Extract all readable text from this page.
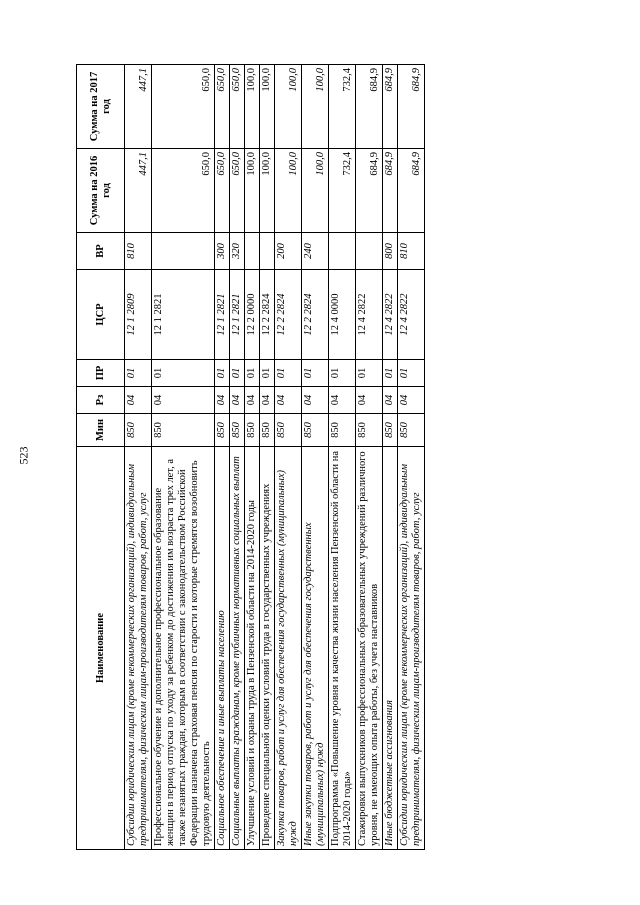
523
Наименование	Мин	Рз	ПР	ЦСР	ВР	Сумма на 2016 год	Сумма на 2017 год
Субсидии юридическим лицам (кроме некоммерческих организаций), индивидуальным предпринимателям, физическим лицам-производителям товаров, работ, услуг	850	04	01	12 1 2809	810	447,1	447,1
Профессиональное обучение и дополнительное профессиональное образование женщин в период отпуска по уходу за ребенком до достижения им возраста трех лет, а также незанятых граждан, которым в соответствии с законодательством Российской Федерации назначена страховая пенсия по старости и которые стремятся возобновить трудовую деятельность	850	04	01	12 1 2821		650,0	650,0
Социальное обеспечение и иные выплаты населению	850	04	01	12 1 2821	300	650,0	650,0
Социальные выплаты гражданам, кроме публичных нормативных социальных выплат	850	04	01	12 1 2821	320	650,0	650,0
Улучшение условий и охраны труда в Пензенской области на 2014-2020 годы	850	04	01	12 2 0000		100,0	100,0
Проведение специальной оценки условий труда в государственных учреждениях	850	04	01	12 2 2824		100,0	100,0
Закупка товаров, работ и услуг для обеспечения государственных (муниципальных) нужд	850	04	01	12 2 2824	200	100,0	100,0
Иные закупки товаров, работ и услуг для обеспечения государственных (муниципальных) нужд	850	04	01	12 2 2824	240	100,0	100,0
Подпрограмма «Повышение уровня и качества жизни населения Пензенской области на 2014-2020 годы»	850	04	01	12 4 0000		732,4	732,4
Стажировки выпускников профессиональных образовательных учреждений различного уровня, не имеющих опыта работы, без учета наставников	850	04	01	12 4 2822		684,9	684,9
Иные бюджетные ассигнования	850	04	01	12 4 2822	800	684,9	684,9
Субсидии юридическим лицам (кроме некоммерческих организаций), индивидуальным предпринимателям, физическим лицам-производителям товаров, работ, услуг	850	04	01	12 4 2822	810	684,9	684,9
